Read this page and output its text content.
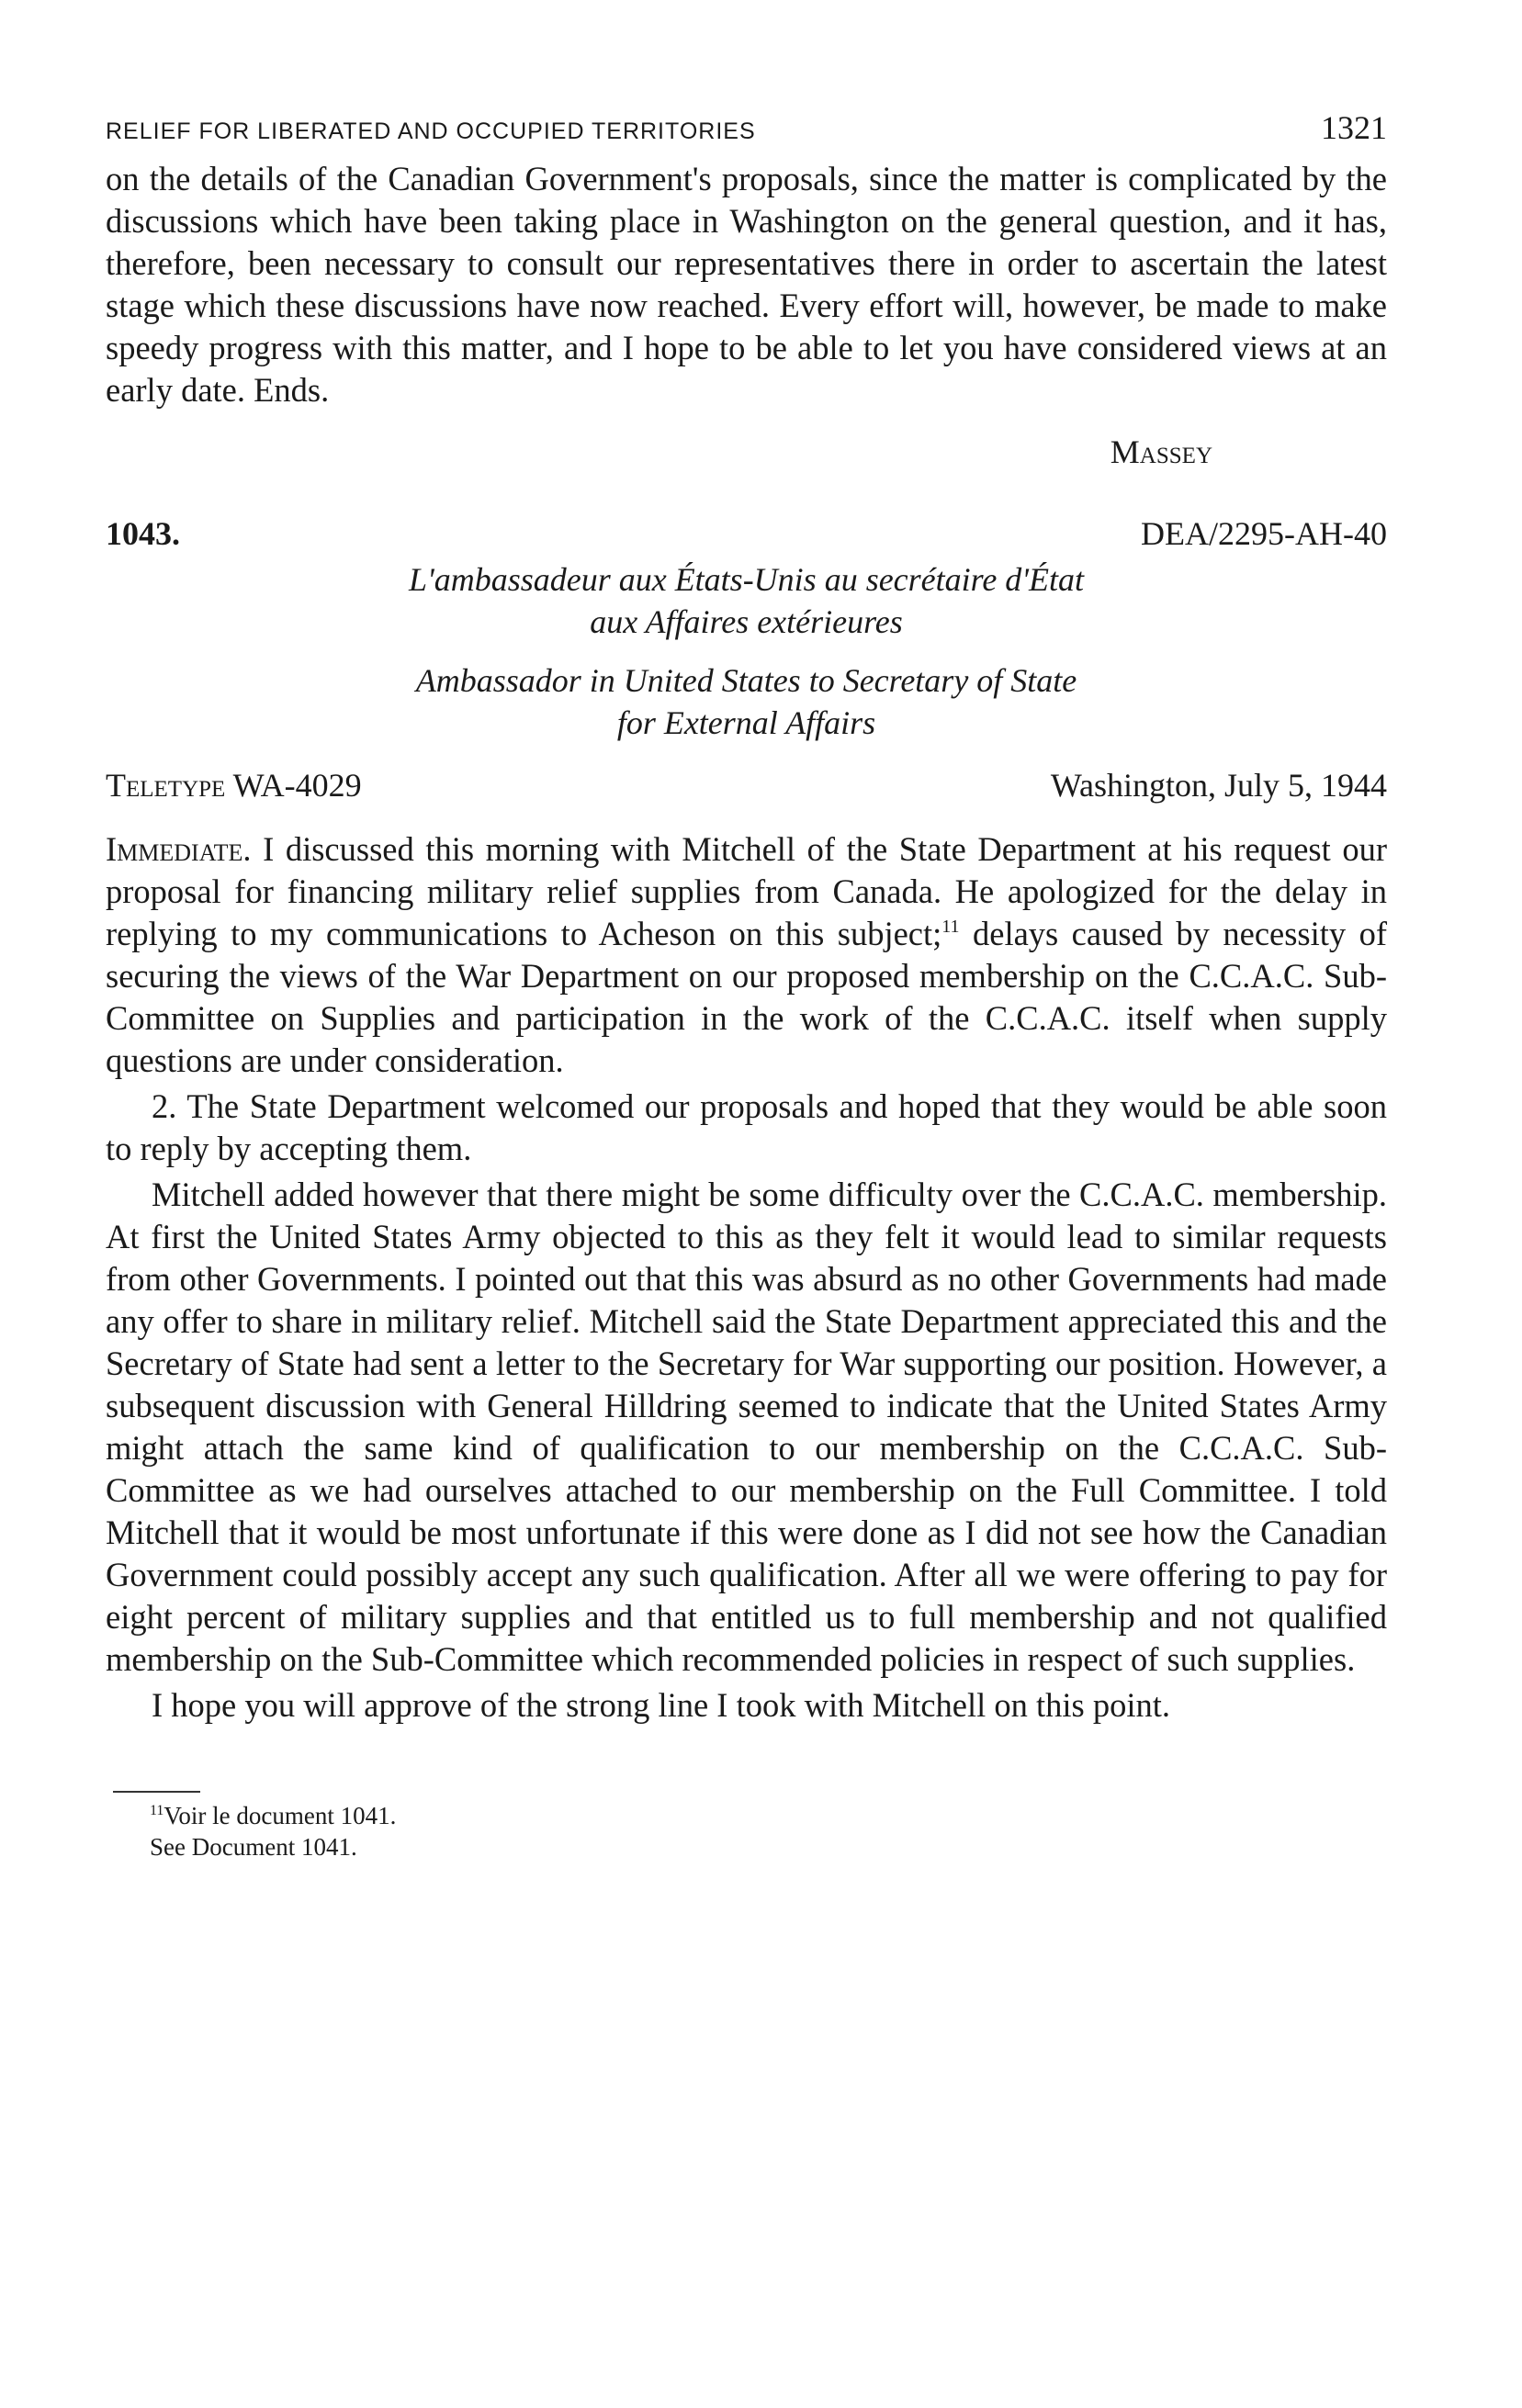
RELIEF FOR LIBERATED AND OCCUPIED TERRITORIES	1321

on the details of the Canadian Government's proposals, since the matter is complicated by the discussions which have been taking place in Washington on the general question, and it has, therefore, been necessary to consult our representatives there in order to ascertain the latest stage which these discussions have now reached. Every effort will, however, be made to make speedy progress with this matter, and I hope to be able to let you have considered views at an early date. Ends.

Massey
1043.	DEA/2295-AH-40
L'ambassadeur aux États-Unis au secrétaire d'État
aux Affaires extérieures
Ambassador in United States to Secretary of State
for External Affairs
Teletype WA-4029	Washington, July 5, 1944

Immediate. I discussed this morning with Mitchell of the State Department at his request our proposal for financing military relief supplies from Canada. He apologized for the delay in replying to my communications to Acheson on this subject;$^{11}$ delays caused by necessity of securing the views of the War Department on our proposed membership on the C.C.A.C. Sub-Committee on Supplies and participation in the work of the C.C.A.C. itself when supply questions are under consideration.

2. The State Department welcomed our proposals and hoped that they would be able soon to reply by accepting them.

Mitchell added however that there might be some difficulty over the C.C.A.C. membership. At first the United States Army objected to this as they felt it would lead to similar requests from other Governments. I pointed out that this was absurd as no other Governments had made any offer to share in military relief. Mitchell said the State Department appreciated this and the Secretary of State had sent a letter to the Secretary for War supporting our position. However, a subsequent discussion with General Hilldring seemed to indicate that the United States Army might attach the same kind of qualification to our membership on the C.C.A.C. Sub-Committee as we had ourselves attached to our membership on the Full Committee. I told Mitchell that it would be most unfortunate if this were done as I did not see how the Canadian Government could possibly accept any such qualification. After all we were offering to pay for eight percent of military supplies and that entitled us to full membership and not qualified membership on the Sub-Committee which recommended policies in respect of such supplies.

I hope you will approve of the strong line I took with Mitchell on this point.

$^{11}$Voir le document 1041.
See Document 1041.
